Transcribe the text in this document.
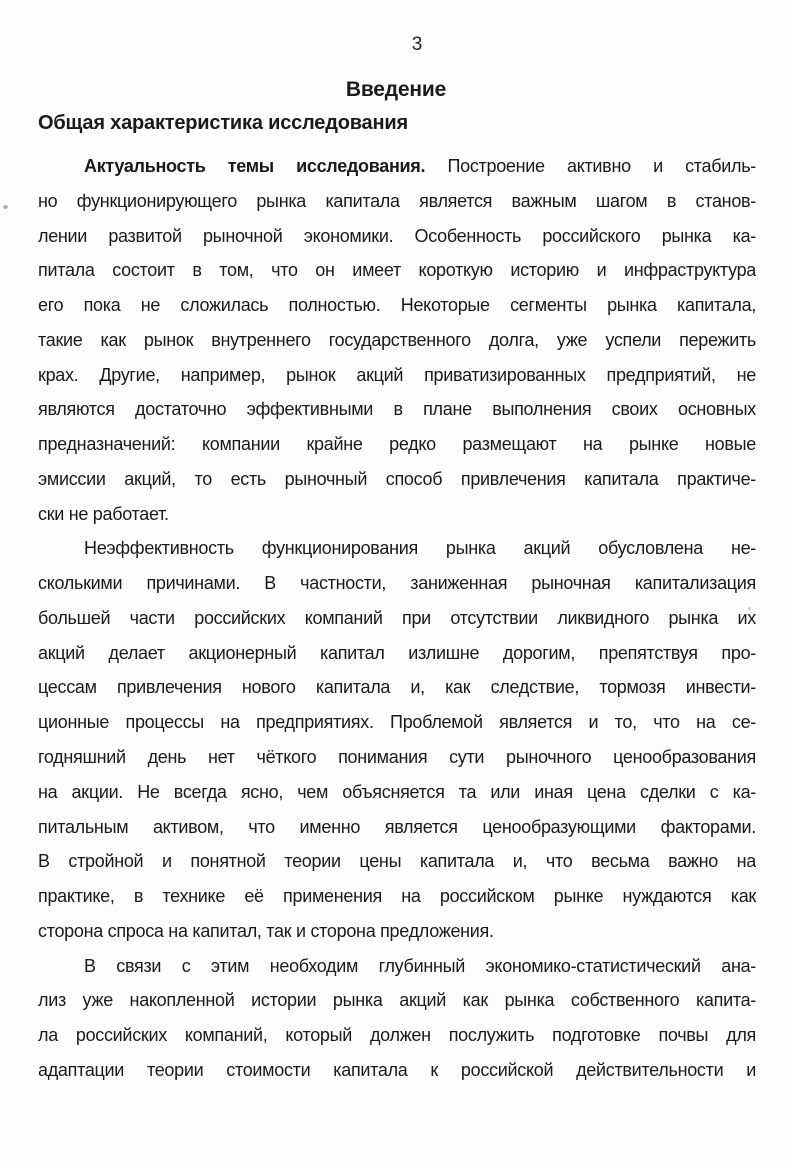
3
Введение
Общая характеристика исследования
Актуальность темы исследования. Построение активно и стабиль-
но функционирующего рынка капитала является важным шагом в станов-
лении развитой рыночной экономики. Особенность российского рынка ка-
питала состоит в том, что он имеет короткую историю и инфраструктура
его пока не сложилась полностью. Некоторые сегменты рынка капитала,
такие как рынок внутреннего государственного долга, уже успели пережить
крах. Другие, например, рынок акций приватизированных предприятий, не
являются достаточно эффективными в плане выполнения своих основных
предназначений: компании крайне редко размещают на рынке новые
эмиссии акций, то есть рыночный способ привлечения капитала практиче-
ски не работает.
Неэффективность функционирования рынка акций обусловлена не-
сколькими причинами. В частности, заниженная рыночная капитализация
большей части российских компаний при отсутствии ликвидного рынка их
акций делает акционерный капитал излишне дорогим, препятствуя про-
цессам привлечения нового капитала и, как следствие, тормозя инвести-
ционные процессы на предприятиях. Проблемой является и то, что на се-
годняшний день нет чёткого понимания сути рыночного ценообразования
на акции. Не всегда ясно, чем объясняется та или иная цена сделки с ка-
питальным активом, что именно является ценообразующими факторами.
В стройной и понятной теории цены капитала и, что весьма важно на
практике, в технике её применения на российском рынке нуждаются как
сторона спроса на капитал, так и сторона предложения.
В связи с этим необходим глубинный экономико-статистический ана-
лиз уже накопленной истории рынка акций как рынка собственного капита-
ла российских компаний, который должен послужить подготовке почвы для
адаптации теории стоимости капитала к российской действительности и
